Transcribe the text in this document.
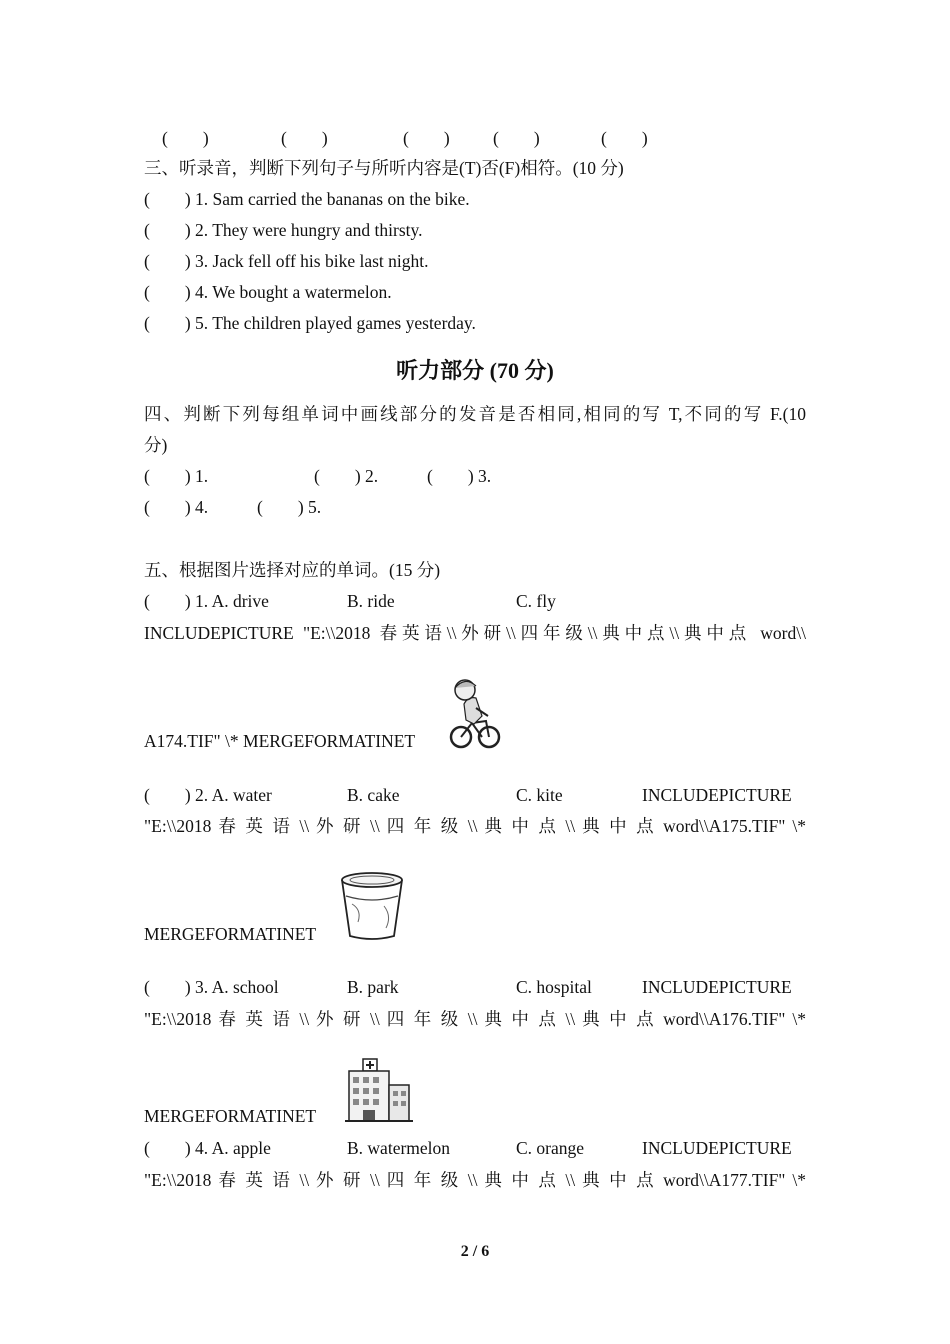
(        )	(        )	(        ) (        )	(        )
三、听录音，判断下列句子与所听内容是(T)否(F)相符。(10 分)
(        ) 1. Sam carried the bananas on the bike.
(        ) 2. They were hungry and thirsty.
(        ) 3. Jack fell off his bike last night.
(        ) 4. We bought a watermelon.
(        ) 5. The children played games yesterday.
听力部分 (70 分)
四、判断下列每组单词中画线部分的发音是否相同,相同的写 T,不同的写 F.(10
分)
(        ) 1.	(        ) 2.	(        ) 3.
(        ) 4.	(        ) 5.
五、根据图片选择对应的单词。(15 分)
(        ) 1. A. drive	B. ride	C. fly
INCLUDEPICTURE "E:\\2018 春英语\\外研\\四年级\\典中点\\典中点 word\\
A174.TIF" \* MERGEFORMATINET
(        ) 2. A. water	B. cake	C. kite	INCLUDEPICTURE
"E:\\2018 春 英 语 \\ 外 研 \\ 四 年 级 \\ 典 中 点 \\ 典 中 点 word\\A175.TIF" \*
MERGEFORMATINET
(        ) 3. A. school	B. park	C. hospital	INCLUDEPICTURE
"E:\\2018 春 英 语 \\ 外 研 \\ 四 年 级 \\ 典 中 点 \\ 典 中 点 word\\A176.TIF" \*
MERGEFORMATINET
(        ) 4. A. apple	B. watermelon	C. orange	INCLUDEPICTURE
"E:\\2018 春 英 语 \\ 外 研 \\ 四 年 级 \\ 典 中 点 \\ 典 中 点 word\\A177.TIF" \*
2 / 6
